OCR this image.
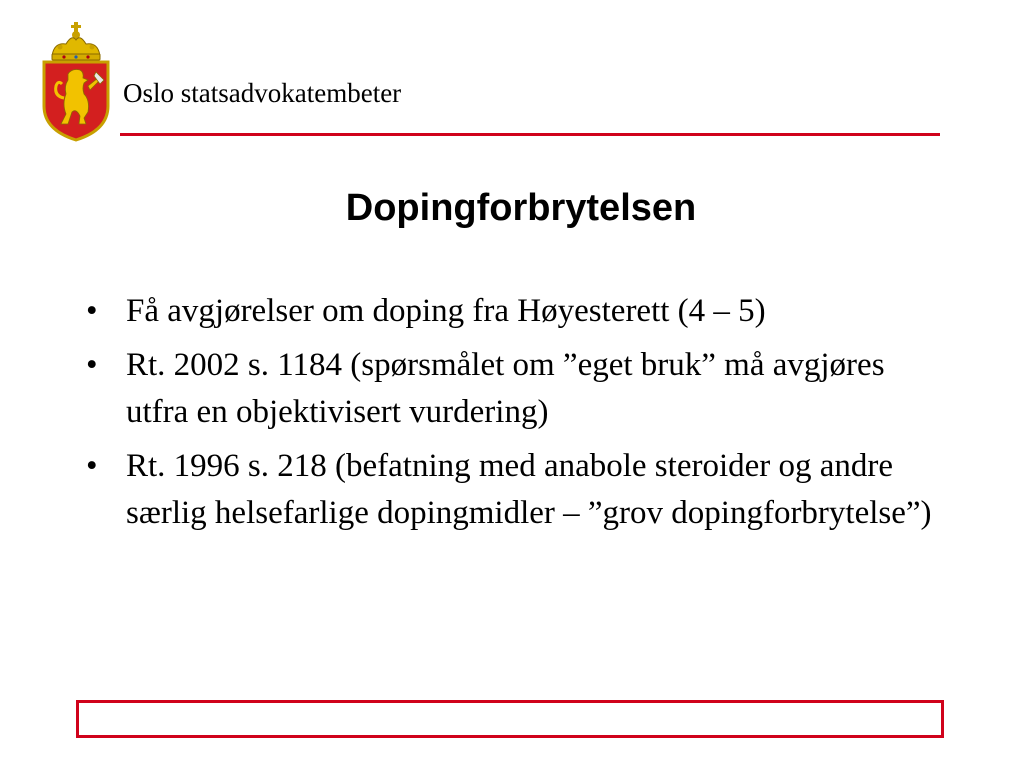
Oslo statsadvokatembeter
Dopingforbrytelsen
• Få avgjørelser om doping fra Høyesterett (4 – 5)
• Rt. 2002 s. 1184 (spørsmålet om ”eget bruk” må avgjøres utfra en objektivisert vurdering)
• Rt. 1996 s. 218 (befatning med anabole steroider og andre særlig helsefarlige dopingmidler – ”grov dopingforbrytelse”)
